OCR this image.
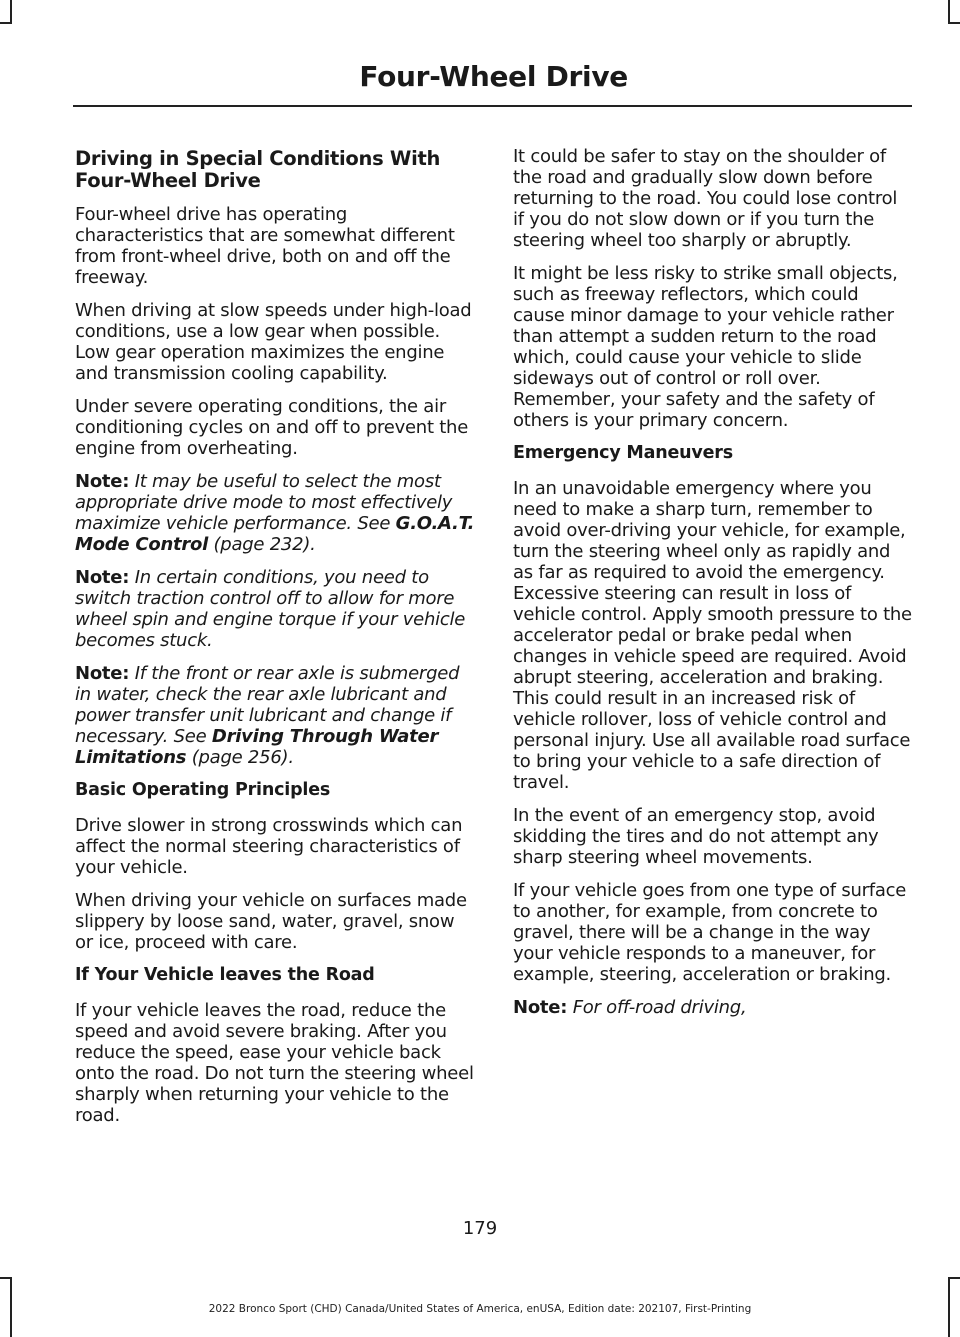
Four-Wheel Drive
Driving in Special Conditions With Four-Wheel Drive

Four-wheel drive has operating characteristics that are somewhat different from front-wheel drive, both on and off the freeway.

When driving at slow speeds under high-load conditions, use a low gear when possible. Low gear operation maximizes the engine and transmission cooling capability.

Under severe operating conditions, the air conditioning cycles on and off to prevent the engine from overheating.

Note: It may be useful to select the most appropriate drive mode to most effectively maximize vehicle performance. See G.O.A.T. Mode Control (page 232).

Note: In certain conditions, you need to switch traction control off to allow for more wheel spin and engine torque if your vehicle becomes stuck.

Note: If the front or rear axle is submerged in water, check the rear axle lubricant and power transfer unit lubricant and change if necessary. See Driving Through Water Limitations (page 256).

Basic Operating Principles

Drive slower in strong crosswinds which can affect the normal steering characteristics of your vehicle.

When driving your vehicle on surfaces made slippery by loose sand, water, gravel, snow or ice, proceed with care.

If Your Vehicle leaves the Road

If your vehicle leaves the road, reduce the speed and avoid severe braking. After you reduce the speed, ease your vehicle back onto the road. Do not turn the steering wheel sharply when returning your vehicle to the road.

It could be safer to stay on the shoulder of the road and gradually slow down before returning to the road. You could lose control if you do not slow down or if you turn the steering wheel too sharply or abruptly.

It might be less risky to strike small objects, such as freeway reflectors, which could cause minor damage to your vehicle rather than attempt a sudden return to the road which, could cause your vehicle to slide sideways out of control or roll over. Remember, your safety and the safety of others is your primary concern.

Emergency Maneuvers

In an unavoidable emergency where you need to make a sharp turn, remember to avoid over-driving your vehicle, for example, turn the steering wheel only as rapidly and as far as required to avoid the emergency. Excessive steering can result in loss of vehicle control. Apply smooth pressure to the accelerator pedal or brake pedal when changes in vehicle speed are required. Avoid abrupt steering, acceleration and braking. This could result in an increased risk of vehicle rollover, loss of vehicle control and personal injury. Use all available road surface to bring your vehicle to a safe direction of travel.

In the event of an emergency stop, avoid skidding the tires and do not attempt any sharp steering wheel movements.

If your vehicle goes from one type of surface to another, for example, from concrete to gravel, there will be a change in the way your vehicle responds to a maneuver, for example, steering, acceleration or braking.

Note: For off-road driving,

179
2022 Bronco Sport (CHD) Canada/United States of America, enUSA, Edition date: 202107, First-Printing
